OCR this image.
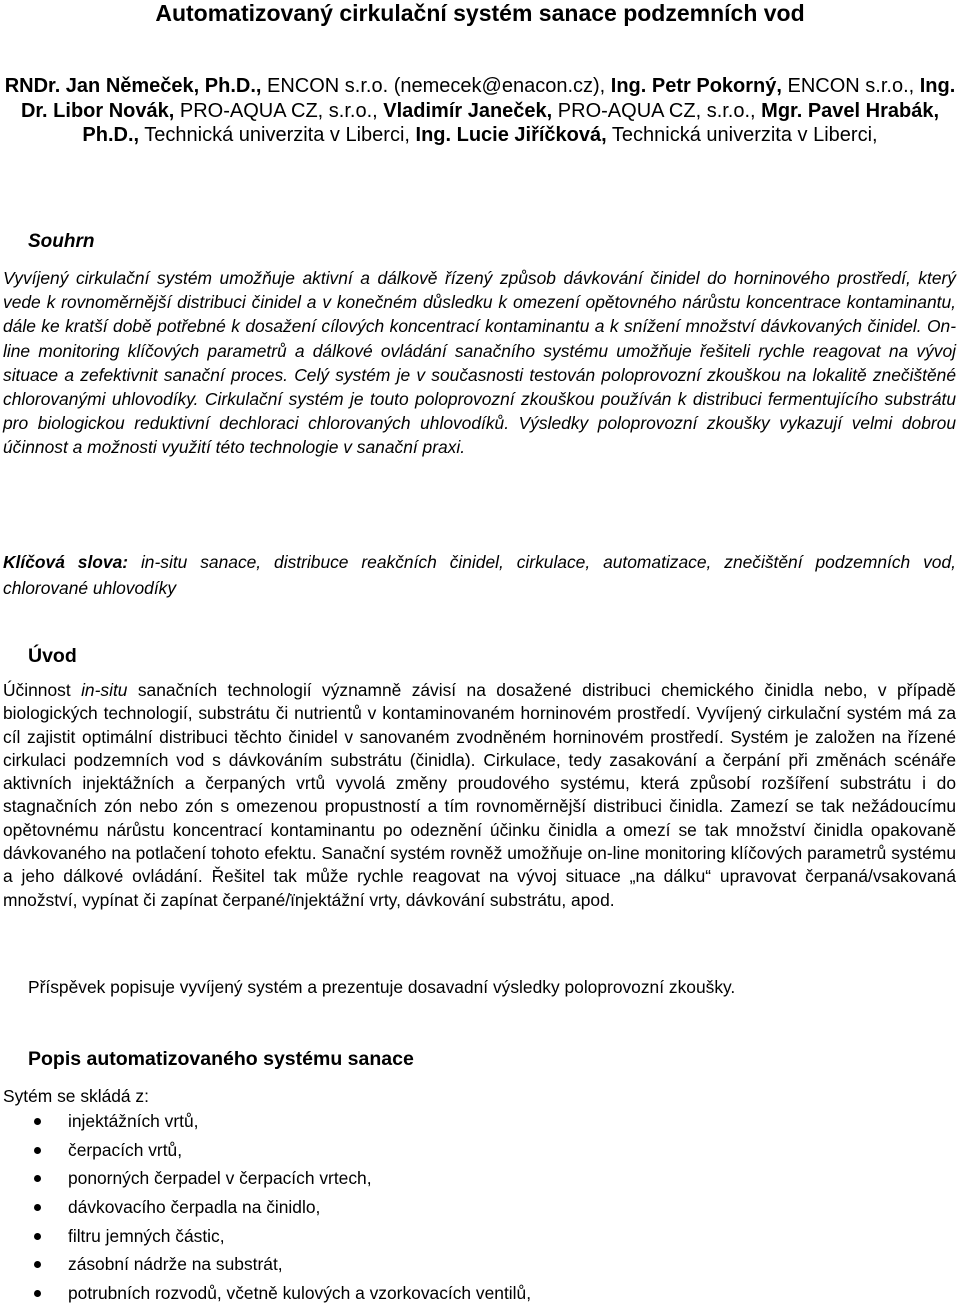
Automatizovaný cirkulační systém sanace podzemních vod
RNDr. Jan Němeček, Ph.D., ENCON s.r.o. (nemecek@enacon.cz), Ing. Petr Pokorný, ENCON s.r.o., Ing. Dr. Libor Novák, PRO-AQUA CZ, s.r.o., Vladimír Janeček, PRO-AQUA CZ, s.r.o., Mgr. Pavel Hrabák, Ph.D., Technická univerzita v Liberci, Ing. Lucie Jiříčková, Technická univerzita v Liberci,
Souhrn

Vyvíjený cirkulační systém umožňuje aktivní a dálkově řízený způsob dávkování činidel do horninového prostředí, který vede k rovnoměrnější distribuci činidel a v konečném důsledku k omezení opětovného nárůstu koncentrace kontaminantu, dále ke kratší době potřebné k dosažení cílových koncentrací kontaminantu a k snížení množství dávkovaných činidel. On-line monitoring klíčových parametrů a dálkové ovládání sanačního systému umožňuje řešiteli rychle reagovat na vývoj situace a zefektivnit sanační proces. Celý systém je v současnosti testován poloprovozní zkouškou na lokalitě znečištěné chlorovanými uhlovodíky. Cirkulační systém je touto poloprovozní zkouškou používán k distribuci fermentujícího substrátu pro biologickou reduktivní dechloraci chlorovaných uhlovodíků. Výsledky poloprovozní zkoušky vykazují velmi dobrou účinnost a možnosti využití této technologie v sanační praxi.

Klíčová slova: in-situ sanace, distribuce reakčních činidel, cirkulace, automatizace, znečištění podzemních vod, chlorované uhlovodíky

Úvod

Účinnost in-situ sanačních technologií významně závisí na dosažené distribuci chemického činidla nebo, v případě biologických technologií, substrátu či nutrientů v kontaminovaném horninovém prostředí. Vyvíjený cirkulační systém má za cíl zajistit optimální distribuci těchto činidel v sanovaném zvodněném horninovém prostředí. Systém je založen na řízené cirkulaci podzemních vod s dávkováním substrátu (činidla). Cirkulace, tedy zasakování a čerpání při změnách scénáře aktivních injektážních a čerpaných vrtů vyvolá změny proudového systému, která způsobí rozšíření substrátu i do stagnačních zón nebo zón s omezenou propustností a tím rovnoměrnější distribuci činidla. Zamezí se tak nežádoucímu opětovnému nárůstu koncentrací kontaminantu po odeznění účinku činidla a omezí se tak množství činidla opakovaně dávkovaného na potlačení tohoto efektu. Sanační systém rovněž umožňuje on-line monitoring klíčových parametrů systému a jeho dálkové ovládání. Řešitel tak může rychle reagovat na vývoj situace „na dálku“ upravovat čerpaná/vsakovaná množství, vypínat či zapínat čerpané/ïnjektážní vrty, dávkování substrátu, apod.

Příspěvek popisuje vyvíjený systém a prezentuje dosavadní výsledky poloprovozní zkoušky.

Popis automatizovaného systému sanace
Sytém se skládá z:
injektážních vrtů,
čerpacích vrtů,
ponorných čerpadel v čerpacích vrtech,
dávkovacího čerpadla na činidlo,
filtru jemných částic,
zásobní nádrže na substrát,
potrubních rozvodů, včetně kulových a vzorkovacích ventilů,
